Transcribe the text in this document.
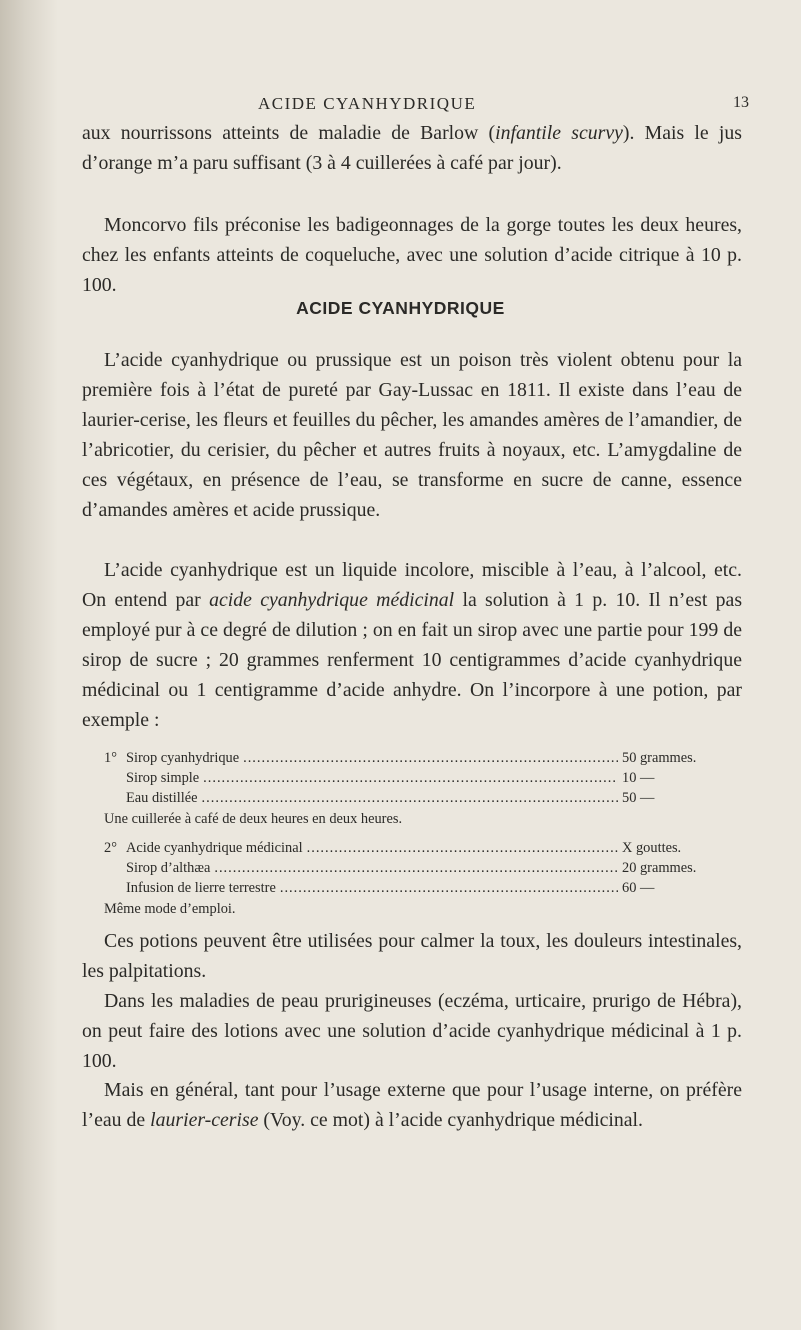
ACIDE CYANHYDRIQUE	13

aux nourrissons atteints de maladie de Barlow (infantile scurvy). Mais le jus d’orange m’a paru suffisant (3 à 4 cuillerées à café par jour).

Moncorvo fils préconise les badigeonnages de la gorge toutes les deux heures, chez les enfants atteints de coqueluche, avec une solution d’acide citrique à 10 p. 100.

ACIDE CYANHYDRIQUE

L’acide cyanhydrique ou prussique est un poison très violent obtenu pour la première fois à l’état de pureté par Gay-Lussac en 1811. Il existe dans l’eau de laurier-cerise, les fleurs et feuilles du pêcher, les amandes amères de l’amandier, de l’abricotier, du cerisier, du pêcher et autres fruits à noyaux, etc. L’amygdaline de ces végétaux, en présence de l’eau, se transforme en sucre de canne, essence d’amandes amères et acide prussique.

L’acide cyanhydrique est un liquide incolore, miscible à l’eau, à l’alcool, etc. On entend par acide cyanhydrique médicinal la solution à 1 p. 10. Il n’est pas employé pur à ce degré de dilution ; on en fait un sirop avec une partie pour 199 de sirop de sucre ; 20 grammes renferment 10 centigrammes d’acide cyanhydrique médicinal ou 1 centigramme d’acide anhydre. On l’incorpore à une potion, par exemple :

1° Sirop cyanhydrique .....	50 grammes.
Sirop simple .....	10 —
Eau distillée .....	50 —
Une cuillerée à café de deux heures en deux heures.
2° Acide cyanhydrique médicinal .....	X gouttes.
Sirop d’althæa .....	20 grammes.
Infusion de lierre terrestre .....	60 —
Même mode d’emploi.

Ces potions peuvent être utilisées pour calmer la toux, les douleurs intestinales, les palpitations.

Dans les maladies de peau prurigineuses (eczéma, urticaire, prurigo de Hébra), on peut faire des lotions avec une solution d’acide cyanhydrique médicinal à 1 p. 100.

Mais en général, tant pour l’usage externe que pour l’usage interne, on préfère l’eau de laurier-cerise (Voy. ce mot) à l’acide cyanhydrique médicinal.
